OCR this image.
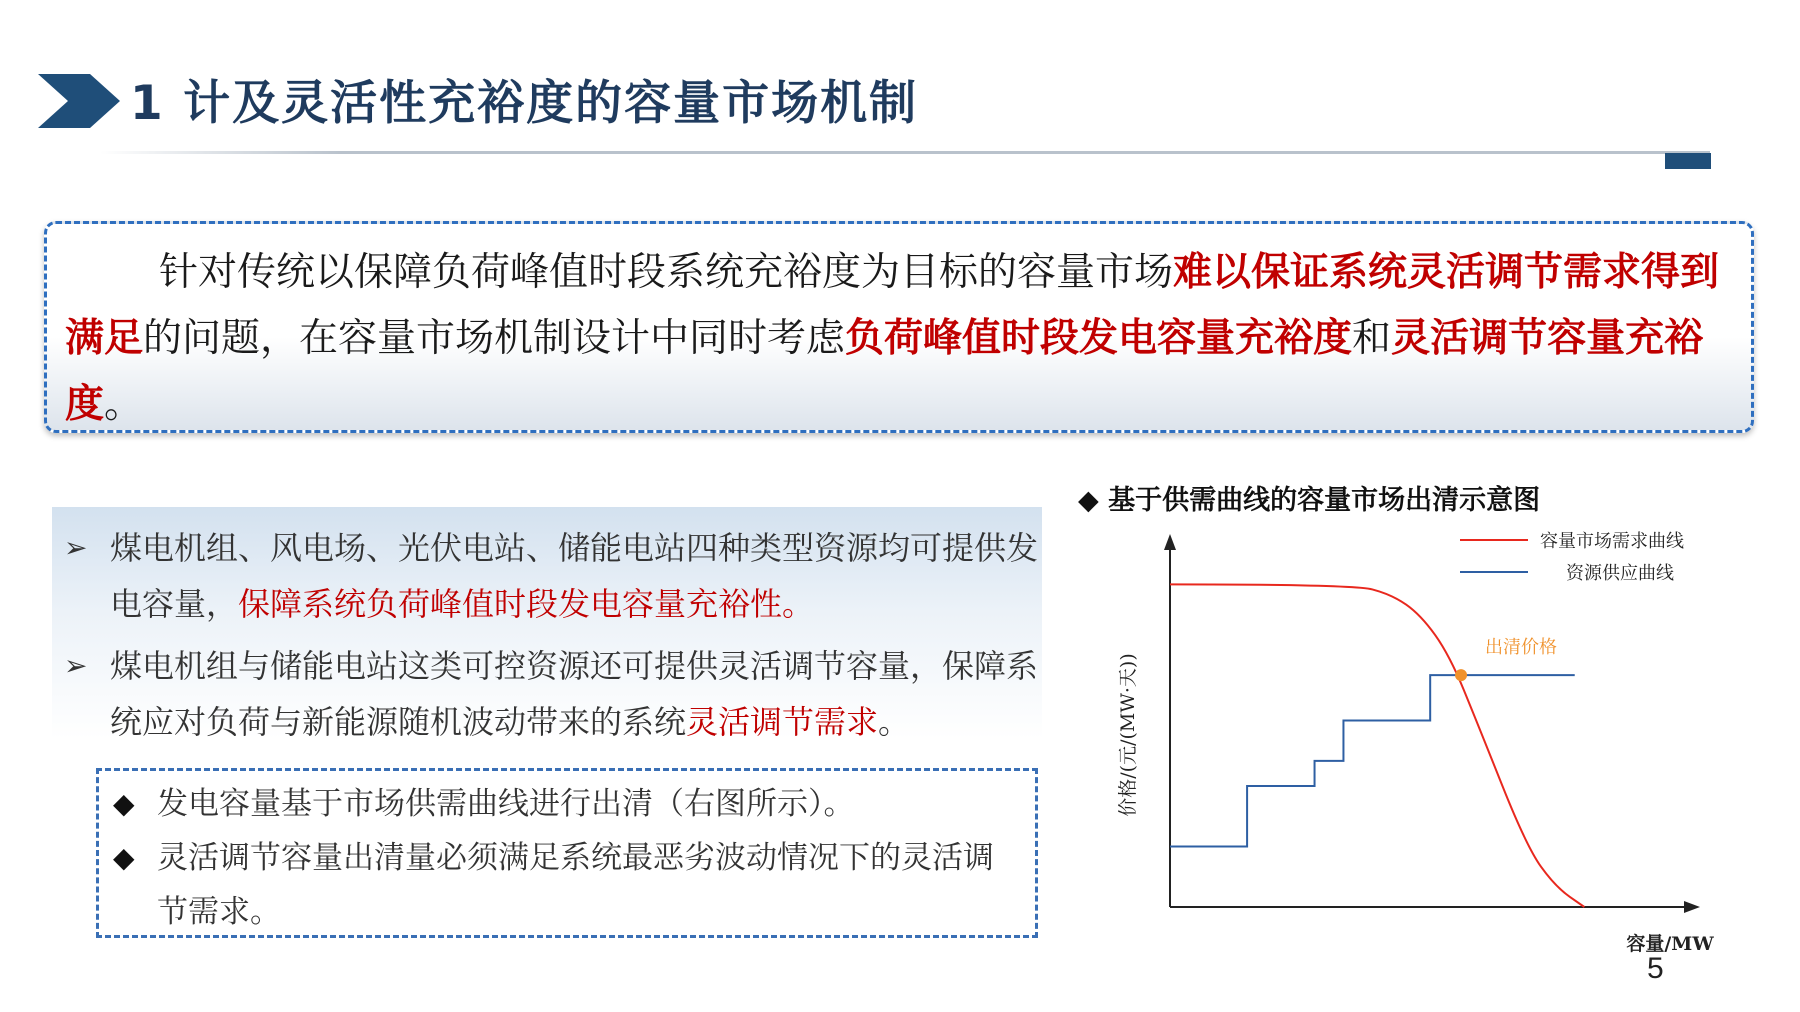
1 计及灵活性充裕度的容量市场机制
针对传统以保障负荷峰值时段系统充裕度为目标的容量市场难以保证系统灵活调节需求得到满足的问题，在容量市场机制设计中同时考虑负荷峰值时段发电容量充裕度和灵活调节容量充裕度。
➢ 煤电机组、风电场、光伏电站、储能电站四种类型资源均可提供发电容量，保障系统负荷峰值时段发电容量充裕性。
➢ 煤电机组与储能电站这类可控资源还可提供灵活调节容量，保障系统应对负荷与新能源随机波动带来的系统灵活调节需求。
◆ 发电容量基于市场供需曲线进行出清（右图所示）。
◆ 灵活调节容量出清量必须满足系统最恶劣波动情况下的灵活调节需求。
◆ 基于供需曲线的容量市场出清示意图
价格/(元/(MW·天))
容量/MW
容量市场需求曲线
资源供应曲线
出清价格
5
